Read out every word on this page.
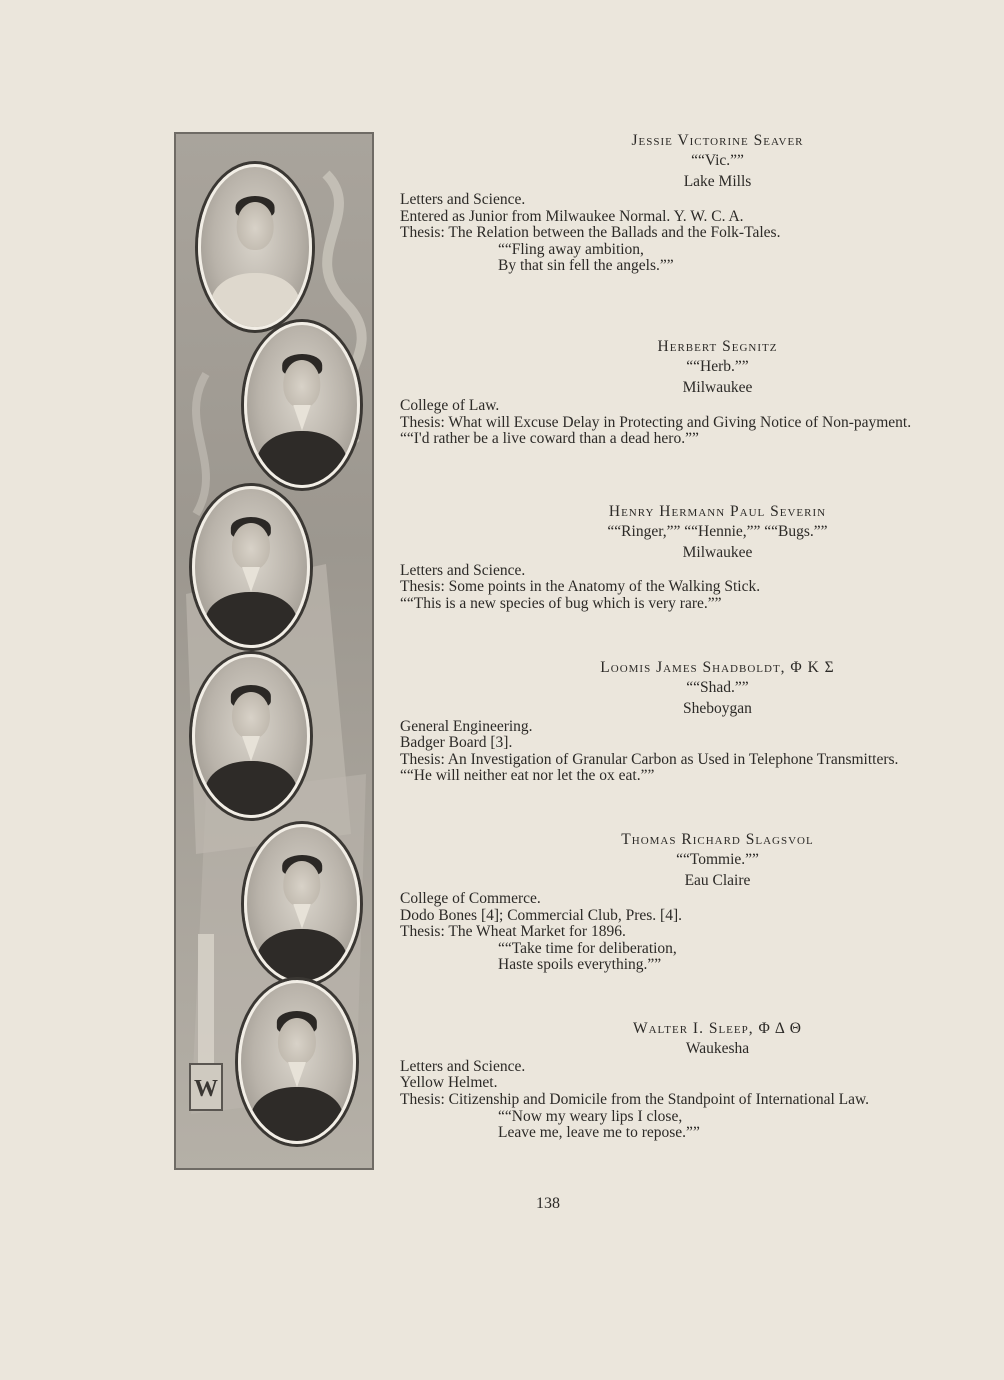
W
Jessie Victorine Seaver
““Vic.””
Lake Mills

Letters and Science.

Entered as Junior from Milwaukee Normal. Y. W. C. A.

Thesis: The Relation between the Ballads and the Folk-Tales.

““Fling away ambition,

By that sin fell the angels.””

Herbert Segnitz
““Herb.””
Milwaukee

College of Law.

Thesis: What will Excuse Delay in Protecting and Giving Notice of Non-payment.

““I'd rather be a live coward than a dead hero.””

Henry Hermann Paul Severin
““Ringer,”” ““Hennie,”” ““Bugs.””
Milwaukee

Letters and Science.

Thesis: Some points in the Anatomy of the Walking Stick.

““This is a new species of bug which is very rare.””

Loomis James Shadboldt, Φ K Σ
““Shad.””
Sheboygan

General Engineering.

Badger Board [3].

Thesis: An Investigation of Granular Carbon as Used in Telephone Transmitters.

““He will neither eat nor let the ox eat.””

Thomas Richard Slagsvol
““Tommie.””
Eau Claire

College of Commerce.

Dodo Bones [4]; Commercial Club, Pres. [4].

Thesis: The Wheat Market for 1896.

““Take time for deliberation,

Haste spoils everything.””

Walter I. Sleep, Φ Δ Θ
Waukesha

Letters and Science.

Yellow Helmet.

Thesis: Citizenship and Domicile from the Standpoint of International Law.

““Now my weary lips I close,

Leave me, leave me to repose.””

138
